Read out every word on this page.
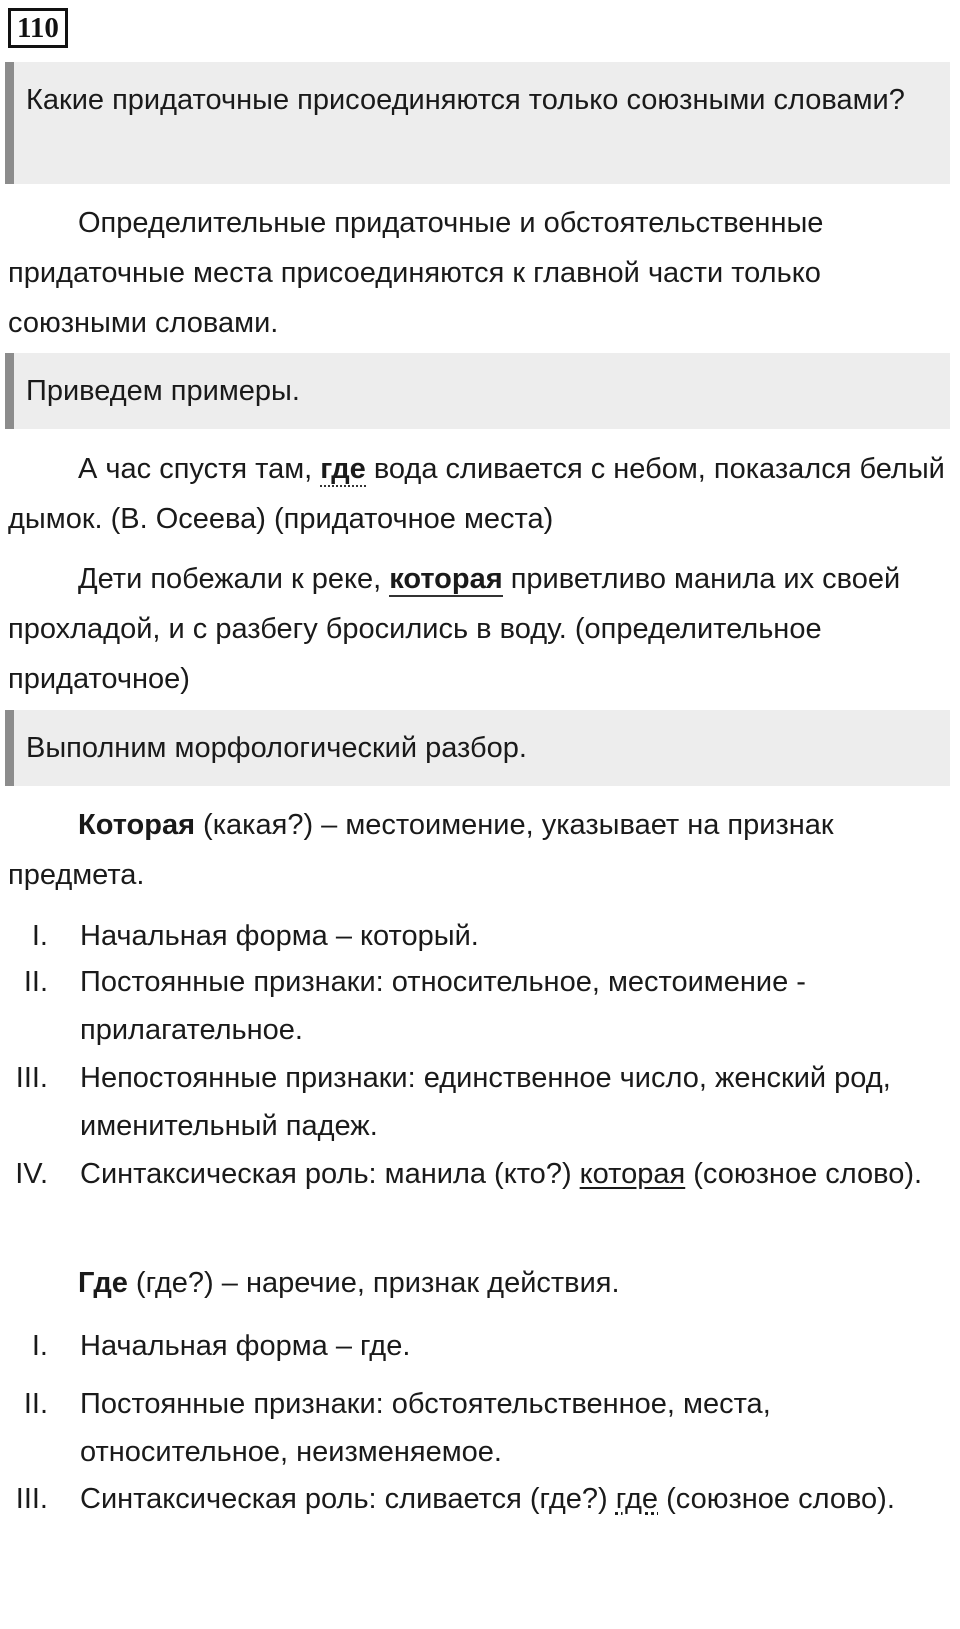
110
Какие придаточные присоединяются только союзными словами?

Определительные придаточные и обстоятельственные придаточные места присоединяются к главной части только союзными словами.

Приведем примеры.

А час спустя там, где вода сливается с небом, показался белый дымок. (В. Осеева) (придаточное места)

Дети побежали к реке, которая приветливо манила их своей прохладой, и с разбегу бросились в воду. (определительное придаточное)

Выполним морфологический разбор.

Которая (какая?) – местоимение, указывает на признак предмета.

I. Начальная форма – который.
II. Постоянные признаки: относительное, местоимение - прилагательное.
III. Непостоянные признаки: единственное число, женский род, именительный падеж.
IV. Синтаксическая роль: манила (кто?) которая (союзное слово).

Где (где?) – наречие, признак действия.

I. Начальная форма – где.
II. Постоянные признаки: обстоятельственное, места, относительное, неизменяемое.
III. Синтаксическая роль: сливается (где?) где (союзное слово).
